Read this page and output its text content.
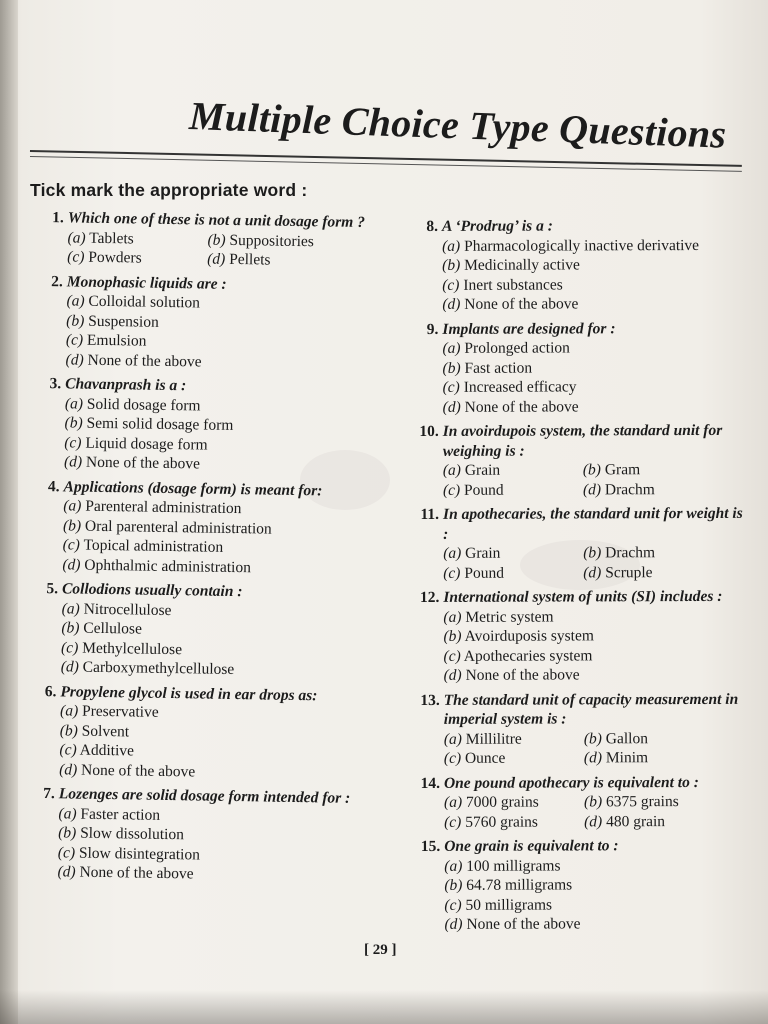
Multiple Choice Type Questions
Tick mark the appropriate word :
1. Which one of these is not a unit dosage form ?
(a) Tablets	(b) Suppositories
(c) Powders	(d) Pellets
2. Monophasic liquids are :
(a) Colloidal solution
(b) Suspension
(c) Emulsion
(d) None of the above
3. Chavanprash is a :
(a) Solid dosage form
(b) Semi solid dosage form
(c) Liquid dosage form
(d) None of the above
4. Applications (dosage form) is meant for:
(a) Parenteral administration
(b) Oral parenteral administration
(c) Topical administration
(d) Ophthalmic administration
5. Collodions usually contain :
(a) Nitrocellulose
(b) Cellulose
(c) Methylcellulose
(d) Carboxymethylcellulose
6. Propylene glycol is used in ear drops as:
(a) Preservative
(b) Solvent
(c) Additive
(d) None of the above
7. Lozenges are solid dosage form intended for :
(a) Faster action
(b) Slow dissolution
(c) Slow disintegration
(d) None of the above
8. A ‘Prodrug’ is a :
(a) Pharmacologically inactive derivative
(b) Medicinally active
(c) Inert substances
(d) None of the above
9. Implants are designed for :
(a) Prolonged action
(b) Fast action
(c) Increased efficacy
(d) None of the above
10. In avoirdupois system, the standard unit for weighing is :
(a) Grain	(b) Gram
(c) Pound	(d) Drachm
11. In apothecaries, the standard unit for weight is :
(a) Grain	(b) Drachm
(c) Pound	(d) Scruple
12. International system of units (SI) includes :
(a) Metric system
(b) Avoirduposis system
(c) Apothecaries system
(d) None of the above
13. The standard unit of capacity measurement in imperial system is :
(a) Millilitre	(b) Gallon
(c) Ounce	(d) Minim
14. One pound apothecary is equivalent to :
(a) 7000 grains	(b) 6375 grains
(c) 5760 grains	(d) 480 grain
15. One grain is equivalent to :
(a) 100 milligrams
(b) 64.78 milligrams
(c) 50 milligrams
(d) None of the above
[ 29 ]
